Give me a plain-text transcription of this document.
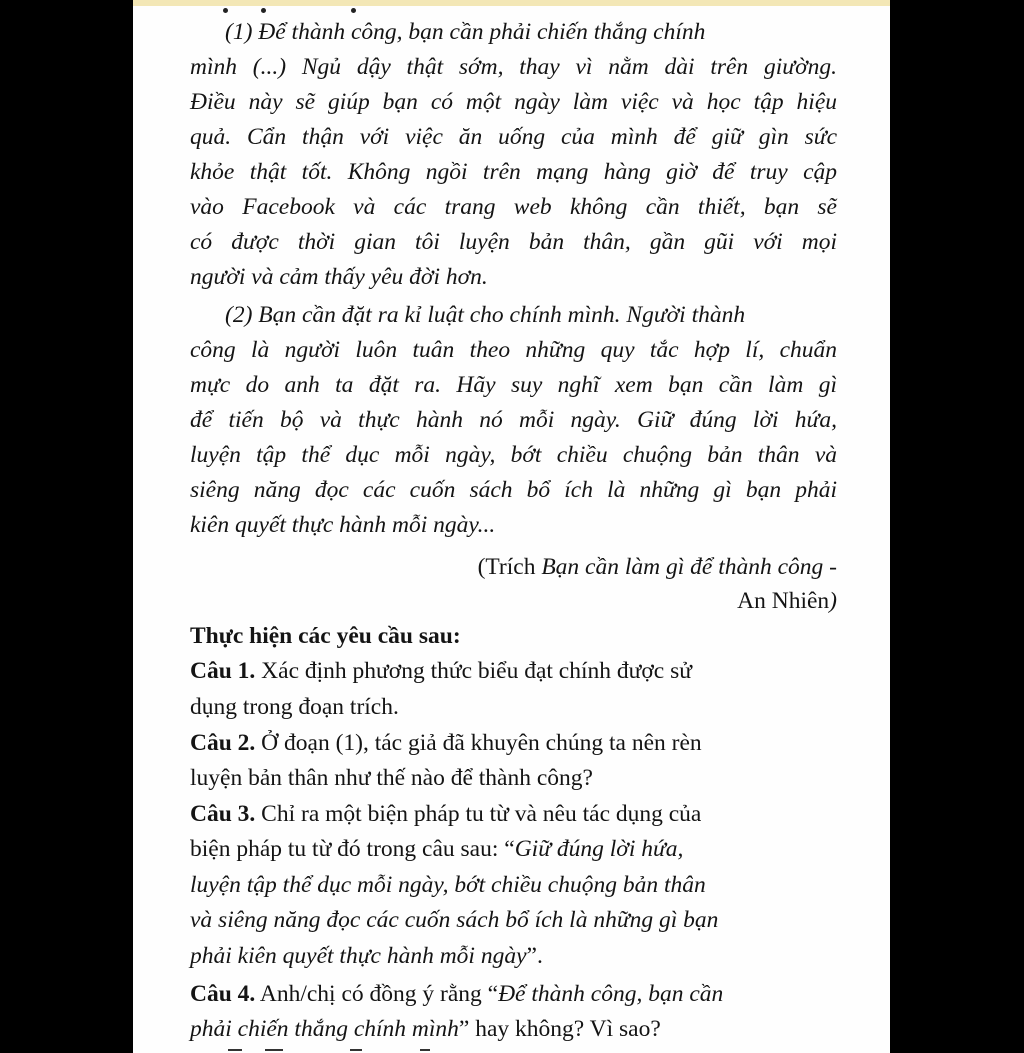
(1) Để thành công, bạn cần phải chiến thắng chính
mình (...) Ngủ dậy thật sớm, thay vì nằm dài trên giường.
Điều này sẽ giúp bạn có một ngày làm việc và học tập hiệu
quả. Cẩn thận với việc ăn uống của mình để giữ gìn sức
khỏe thật tốt. Không ngồi trên mạng hàng giờ để truy cập
vào Facebook và các trang web không cần thiết, bạn sẽ
có được thời gian tôi luyện bản thân, gần gũi với mọi
người và cảm thấy yêu đời hơn.
(2) Bạn cần đặt ra kỉ luật cho chính mình. Người thành
công là người luôn tuân theo những quy tắc hợp lí, chuẩn
mực do anh ta đặt ra. Hãy suy nghĩ xem bạn cần làm gì
để tiến bộ và thực hành nó mỗi ngày. Giữ đúng lời hứa,
luyện tập thể dục mỗi ngày, bớt chiều chuộng bản thân và
siêng năng đọc các cuốn sách bổ ích là những gì bạn phải
kiên quyết thực hành mỗi ngày...
(Trích Bạn cần làm gì để thành công -
An Nhiên)
Thực hiện các yêu cầu sau:
Câu 1. Xác định phương thức biểu đạt chính được sử
dụng trong đoạn trích.
Câu 2. Ở đoạn (1), tác giả đã khuyên chúng ta nên rèn
luyện bản thân như thế nào để thành công?
Câu 3. Chỉ ra một biện pháp tu từ và nêu tác dụng của
biện pháp tu từ đó trong câu sau: “Giữ đúng lời hứa,
luyện tập thể dục mỗi ngày, bớt chiều chuộng bản thân
và siêng năng đọc các cuốn sách bổ ích là những gì bạn
phải kiên quyết thực hành mỗi ngày”.
Câu 4. Anh/chị có đồng ý rằng “Để thành công, bạn cần
phải chiến thắng chính mình” hay không? Vì sao?
